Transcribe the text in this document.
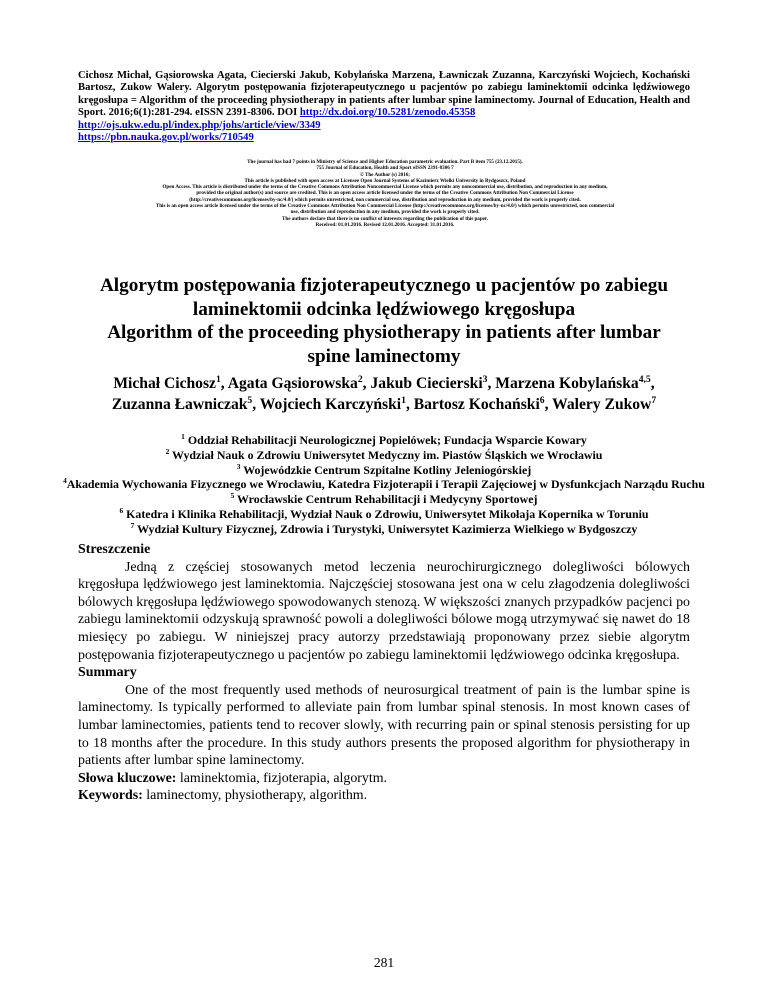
Cichosz Michał, Gąsiorowska Agata, Ciecierski Jakub, Kobylańska Marzena, Ławniczak Zuzanna, Karczyński Wojciech, Kochański Bartosz, Zukow Walery. Algorytm postępowania fizjoterapeutycznego u pacjentów po zabiegu laminektomii odcinka lędźwiowego kręgosłupa = Algorithm of the proceeding physiotherapy in patients after lumbar spine laminectomy. Journal of Education, Health and Sport. 2016;6(1):281-294. eISSN 2391-8306. DOI http://dx.doi.org/10.5281/zenodo.45358
http://ojs.ukw.edu.pl/index.php/johs/article/view/3349
https://pbn.nauka.gov.pl/works/710549
The journal has had 7 points in Ministry of Science and Higher Education parametric evaluation. Part B item 755 (23.12.2015).
755 Journal of Education, Health and Sport eISSN 2391-8306 7
© The Author (s) 2016;
This article is published with open access at Licensee Open Journal Systems of Kazimierz Wielki University in Bydgoszcz, Poland
Open Access. This article is distributed under the terms of the Creative Commons Attribution Noncommercial License which permits any noncommercial use, distribution, and reproduction in any medium,
provided the original author(s) and source are credited. This is an open access article licensed under the terms of the Creative Commons Attribution Non Commercial License
(http://creativecommons.org/licenses/by-nc/4.0/) which permits unrestricted, non commercial use, distribution and reproduction in any medium, provided the work is properly cited.
This is an open access article licensed under the terms of the Creative Commons Attribution Non Commercial License (http://creativecommons.org/licenses/by-nc/4.0/) which permits unrestricted, non commercial
use, distribution and reproduction in any medium, provided the work is properly cited.
The authors declare that there is no conflict of interests regarding the publication of this paper.
Received: 01.01.2016. Revised 12.01.2016. Accepted: 31.01.2016.
Algorytm postępowania fizjoterapeutycznego u pacjentów po zabiegu laminektomii odcinka lędźwiowego kręgosłupa
Algorithm of the proceeding physiotherapy in patients after lumbar spine laminectomy
Michał Cichosz$^1$, Agata Gąsiorowska$^2$, Jakub Ciecierski$^3$, Marzena Kobylańska$^{4,5}$, Zuzanna Ławniczak$^5$, Wojciech Karczyński$^1$, Bartosz Kochański$^6$, Walery Zukow$^7$
$^1$ Oddział Rehabilitacji Neurologicznej Popielówek; Fundacja Wsparcie Kowary
$^2$ Wydział Nauk o Zdrowiu Uniwersytet Medyczny im. Piastów Śląskich we Wrocławiu
$^3$ Wojewódzkie Centrum Szpitalne Kotliny Jeleniogórskiej
$^4$Akademia Wychowania Fizycznego we Wrocławiu, Katedra Fizjoterapii i Terapii Zajęciowej w Dysfunkcjach Narządu Ruchu
$^5$ Wrocławskie Centrum Rehabilitacji i Medycyny Sportowej
$^6$ Katedra i Klinika Rehabilitacji, Wydział Nauk o Zdrowiu, Uniwersytet Mikołaja Kopernika w Toruniu
$^7$ Wydział Kultury Fizycznej, Zdrowia i Turystyki, Uniwersytet Kazimierza Wielkiego w Bydgoszczy
Streszczenie
Jedną z częściej stosowanych metod leczenia neurochirurgicznego dolegliwości bólowych kręgosłupa lędźwiowego jest laminektomia. Najczęściej stosowana jest ona w celu złagodzenia dolegliwości bólowych kręgosłupa lędźwiowego spowodowanych stenozą. W większości znanych przypadków pacjenci po zabiegu laminektomii odzyskują sprawność powoli a dolegliwości bólowe mogą utrzymywać się nawet do 18 miesięcy po zabiegu. W niniejszej pracy autorzy przedstawiają proponowany przez siebie algorytm postępowania fizjoterapeutycznego u pacjentów po zabiegu laminektomii lędźwiowego odcinka kręgosłupa.
Summary
One of the most frequently used methods of neurosurgical treatment of pain is the lumbar spine is laminectomy. Is typically performed to alleviate pain from lumbar spinal stenosis. In most known cases of lumbar laminectomies, patients tend to recover slowly, with recurring pain or spinal stenosis persisting for up to 18 months after the procedure. In this study authors presents the proposed algorithm for physiotherapy in patients after lumbar spine laminectomy.
Słowa kluczowe: laminektomia, fizjoterapia, algorytm.
Keywords: laminectomy, physiotherapy, algorithm.
281
